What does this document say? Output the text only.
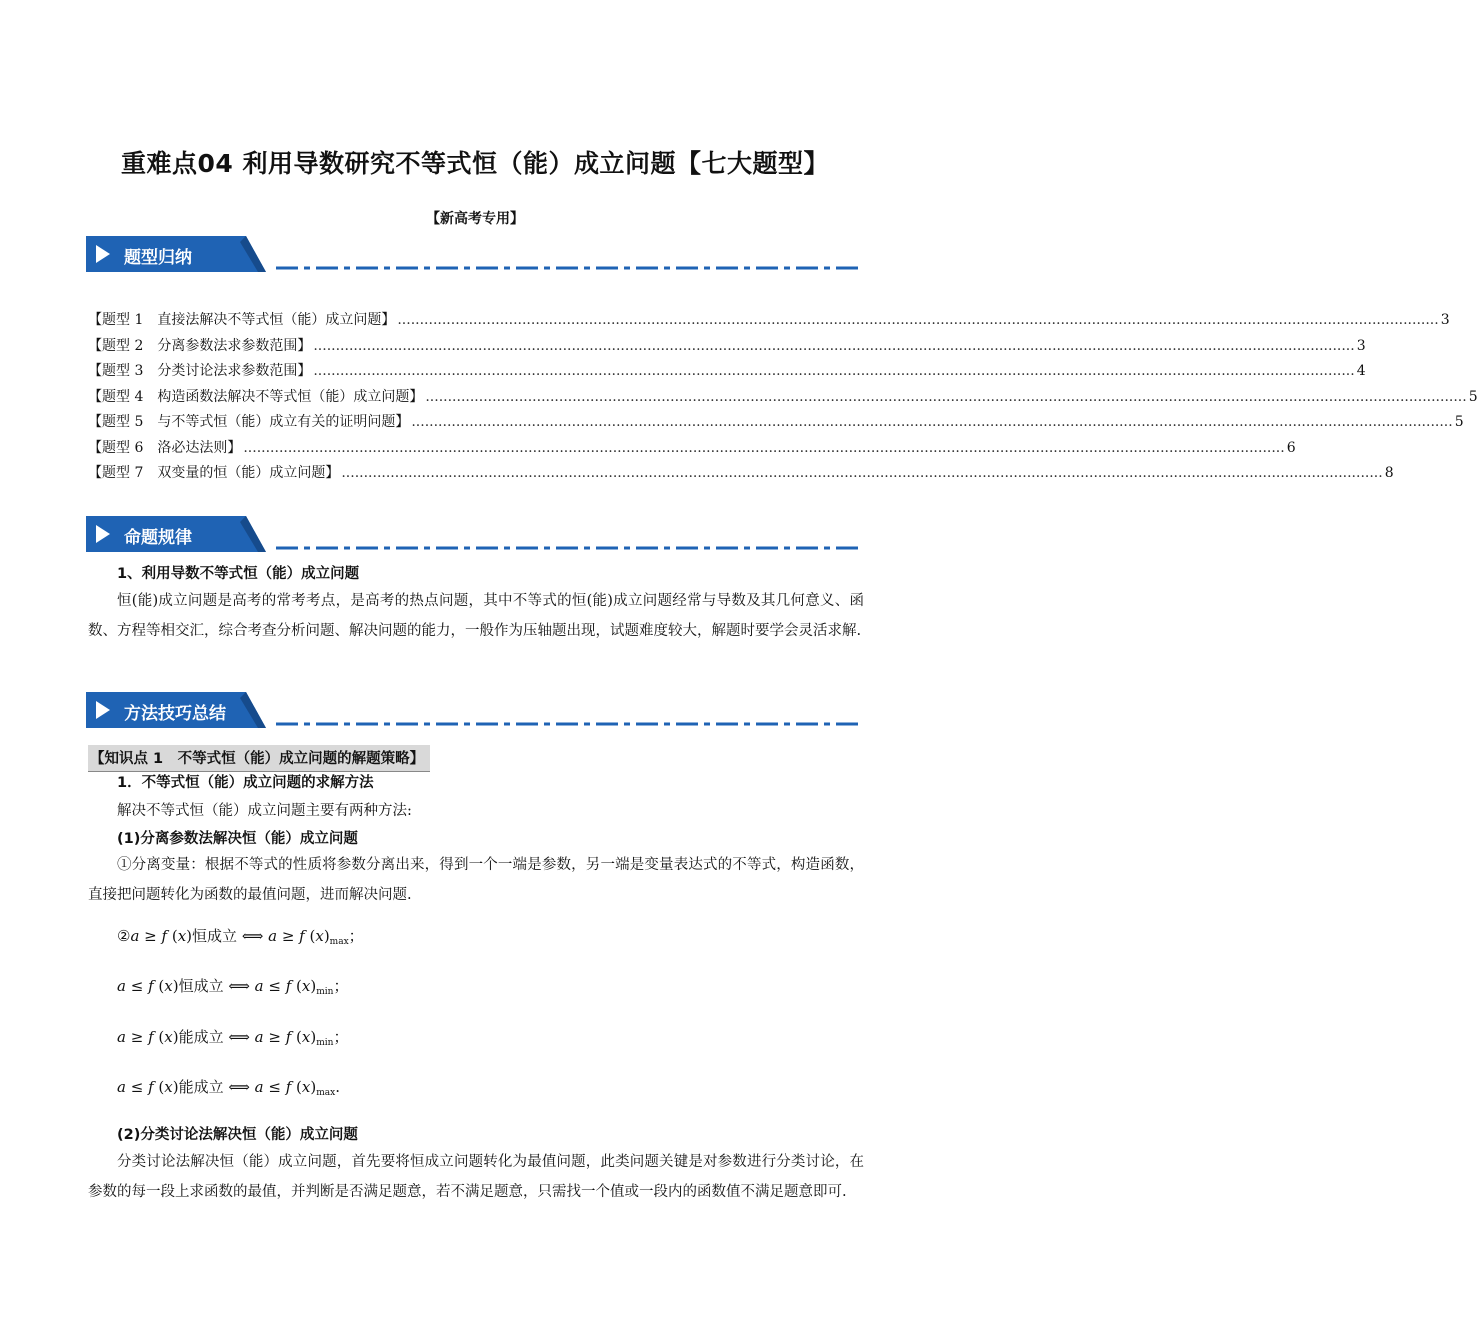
重难点04 利用导数研究不等式恒（能）成立问题【七大题型】
【新高考专用】
题型归纳
【题型 1　直接法解决不等式恒（能）成立问题】 .......................................................................................................................................................................................................................................... 3
【题型 2　分离参数法求参数范围】 .......................................................................................................................................................................................................................................... 3
【题型 3　分类讨论法求参数范围】 .......................................................................................................................................................................................................................................... 4
【题型 4　构造函数法解决不等式恒（能）成立问题】 .......................................................................................................................................................................................................................................... 5
【题型 5　与不等式恒（能）成立有关的证明问题】 .......................................................................................................................................................................................................................................... 5
【题型 6　洛必达法则】 .......................................................................................................................................................................................................................................... 6
【题型 7　双变量的恒（能）成立问题】 .......................................................................................................................................................................................................................................... 8
命题规律
1、利用导数不等式恒（能）成立问题
恒(能)成立问题是高考的常考考点，是高考的热点问题，其中不等式的恒(能)成立问题经常与导数及其几何意义、函数、方程等相交汇，综合考查分析问题、解决问题的能力，一般作为压轴题出现，试题难度较大，解题时要学会灵活求解.
方法技巧总结
【知识点 1　不等式恒（能）成立问题的解题策略】
1．不等式恒（能）成立问题的求解方法
解决不等式恒（能）成立问题主要有两种方法:
(1)分离参数法解决恒（能）成立问题
①分离变量：根据不等式的性质将参数分离出来，得到一个一端是参数，另一端是变量表达式的不等式，构造函数，直接把问题转化为函数的最值问题，进而解决问题.
②a ≥ f (x)恒成立 ⟺ a ≥ f $(x)_{max}$；
a ≤ f (x)恒成立 ⟺ a ≤ f $(x)_{min}$；
a ≥ f (x)能成立 ⟺ a ≥ f $(x)_{min}$；
a ≤ f (x)能成立 ⟺ a ≤ f $(x)_{max}$.
(2)分类讨论法解决恒（能）成立问题
分类讨论法解决恒（能）成立问题，首先要将恒成立问题转化为最值问题，此类问题关键是对参数进行分类讨论，在参数的每一段上求函数的最值，并判断是否满足题意，若不满足题意，只需找一个值或一段内的函数值不满足题意即可.
